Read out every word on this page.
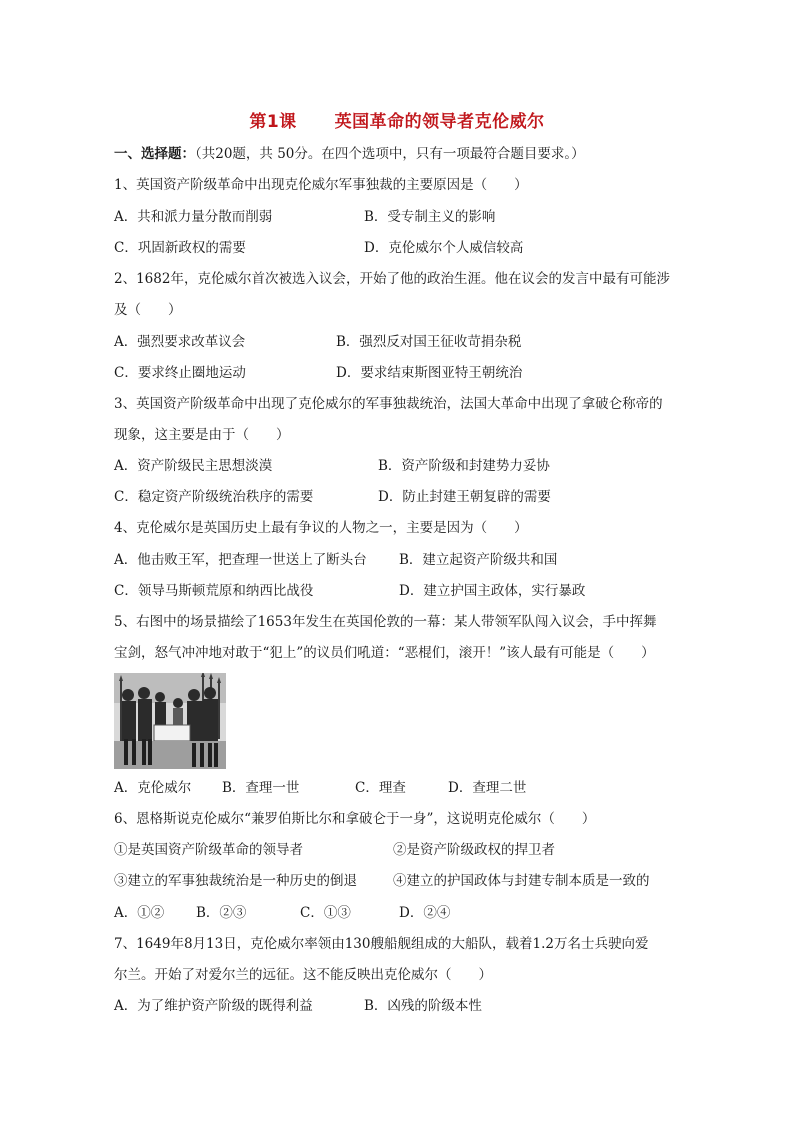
第1课 英国革命的领导者克伦威尔
一、选择题：（共20题，共 50分。在四个选项中，只有一项最符合题目要求。）
1、英国资产阶级革命中出现克伦威尔军事独裁的主要原因是（　　）
A．共和派力量分散而削弱	B．受专制主义的影响
C．巩固新政权的需要	D．克伦威尔个人威信较高
2、1682年，克伦威尔首次被选入议会，开始了他的政治生涯。他在议会的发言中最有可能涉
及（　　）
A．强烈要求改革议会	B．强烈反对国王征收苛捐杂税
C．要求终止圈地运动	D．要求结束斯图亚特王朝统治
3、英国资产阶级革命中出现了克伦威尔的军事独裁统治，法国大革命中出现了拿破仑称帝的
现象，这主要是由于（　　）
A．资产阶级民主思想淡漠	B．资产阶级和封建势力妥协
C．稳定资产阶级统治秩序的需要	D．防止封建王朝复辟的需要
4、克伦威尔是英国历史上最有争议的人物之一，主要是因为（　　）
A．他击败王军，把查理一世送上了断头台 B．建立起资产阶级共和国
C．领导马斯顿荒原和纳西比战役	D．建立护国主政体，实行暴政
5、右图中的场景描绘了1653年发生在英国伦敦的一幕：某人带领军队闯入议会，手中挥舞
宝剑，怒气冲冲地对敢于“犯上”的议员们吼道：“恶棍们，滚开！”该人最有可能是（　　）
A．克伦威尔 B．查理一世	C．理查	D．查理二世
6、恩格斯说克伦威尔“兼罗伯斯比尔和拿破仑于一身”，这说明克伦威尔（　　）
①是英国资产阶级革命的领导者	②是资产阶级政权的捍卫者
③建立的军事独裁统治是一种历史的倒退	④建立的护国政体与封建专制本质是一致的
A．①② B．②③	C．①③	D．②④
7、1649年8月13日，克伦威尔率领由130艘船舰组成的大船队，载着1.2万名士兵驶向爱
尔兰。开始了对爱尔兰的远征。这不能反映出克伦威尔（　　）
A．为了维护资产阶级的既得利益	B．凶残的阶级本性
